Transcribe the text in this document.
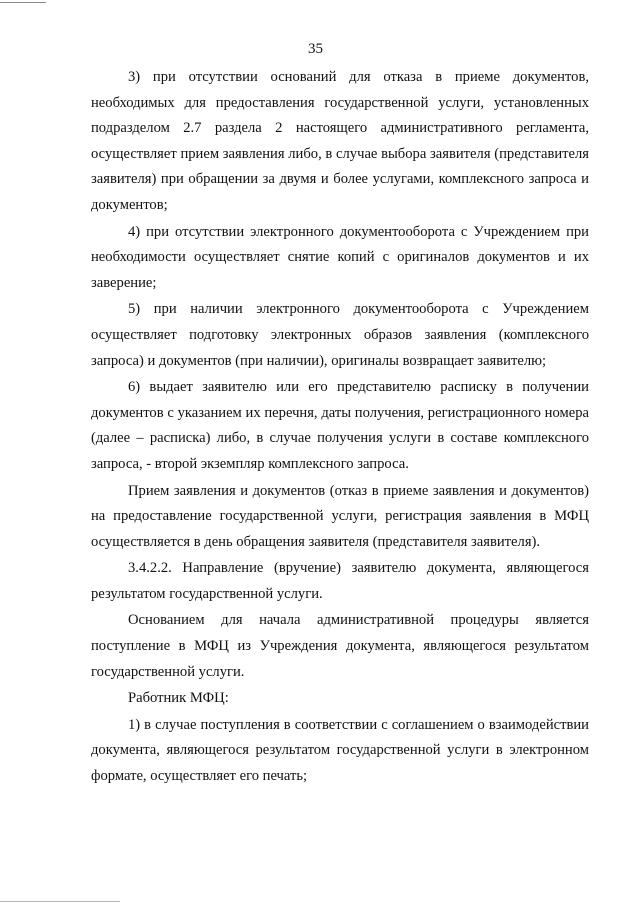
35

3) при отсутствии оснований для отказа в приеме документов, необходимых для предоставления государственной услуги, установленных подразделом 2.7 раздела 2 настоящего административного регламента, осуществляет прием заявления либо, в случае выбора заявителя (представителя заявителя) при обращении за двумя и более услугами, комплексного запроса и документов;

4) при отсутствии электронного документооборота с Учреждением при необходимости осуществляет снятие копий с оригиналов документов и их заверение;

5) при наличии электронного документооборота с Учреждением осуществляет подготовку электронных образов заявления (комплексного запроса) и документов (при наличии), оригиналы возвращает заявителю;

6) выдает заявителю или его представителю расписку в получении документов с указанием их перечня, даты получения, регистрационного номера (далее – расписка) либо, в случае получения услуги в составе комплексного запроса, - второй экземпляр комплексного запроса.

Прием заявления и документов (отказ в приеме заявления и документов) на предоставление государственной услуги, регистрация заявления в МФЦ осуществляется в день обращения заявителя (представителя заявителя).

3.4.2.2. Направление (вручение) заявителю документа, являющегося результатом государственной услуги.

Основанием для начала административной процедуры является поступление в МФЦ из Учреждения документа, являющегося результатом государственной услуги.

Работник МФЦ:

1) в случае поступления в соответствии с соглашением о взаимодействии документа, являющегося результатом государственной услуги в электронном формате, осуществляет его печать;
